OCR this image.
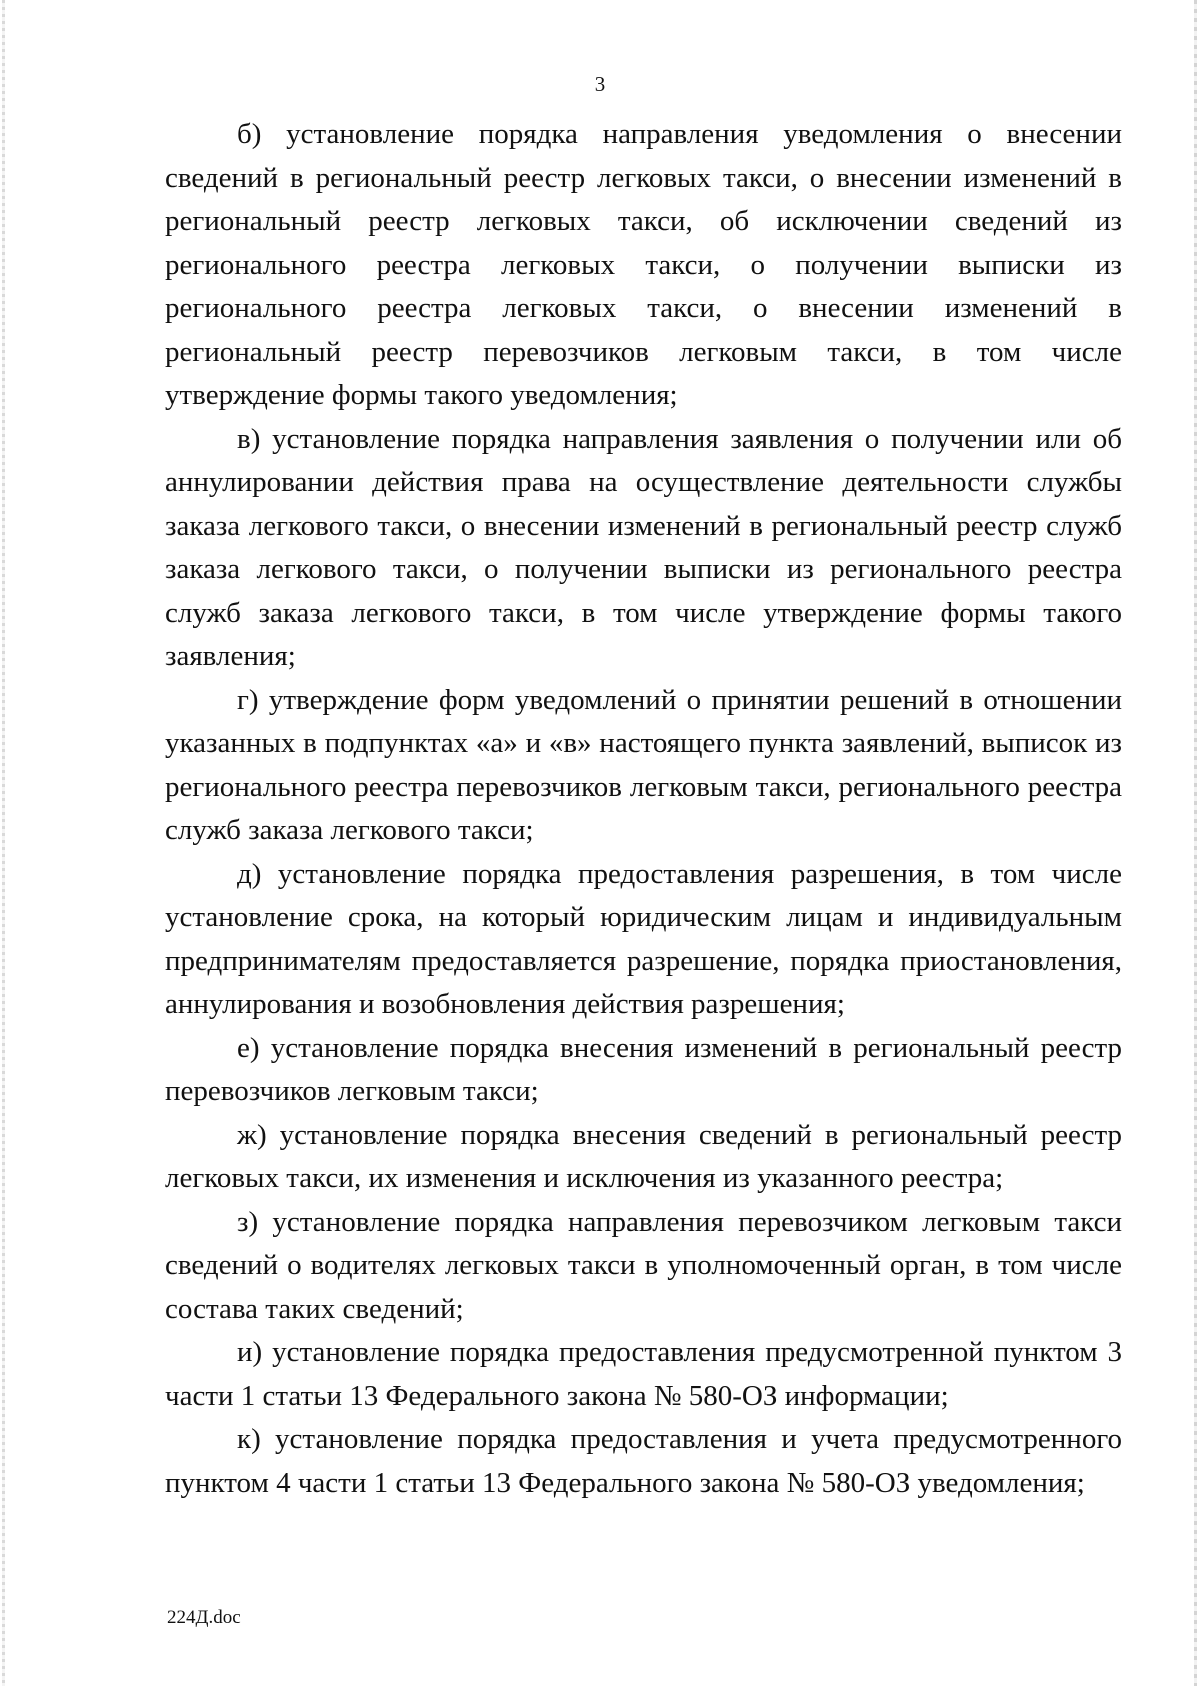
3

б) установление порядка направления уведомления о внесении сведений в региональный реестр легковых такси, о внесении изменений в региональный реестр легковых такси, об исключении сведений из регионального реестра легковых такси, о получении выписки из регионального реестра легковых такси, о внесении изменений в региональный реестр перевозчиков легковым такси, в том числе утверждение формы такого уведомления;

в) установление порядка направления заявления о получении или об аннулировании действия права на осуществление деятельности службы заказа легкового такси, о внесении изменений в региональный реестр служб заказа легкового такси, о получении выписки из регионального реестра служб заказа легкового такси, в том числе утверждение формы такого заявления;

г) утверждение форм уведомлений о принятии решений в отношении указанных в подпунктах «а» и «в» настоящего пункта заявлений, выписок из регионального реестра перевозчиков легковым такси, регионального реестра служб заказа легкового такси;

д) установление порядка предоставления разрешения, в том числе установление срока, на который юридическим лицам и индивидуальным предпринимателям предоставляется разрешение, порядка приостановления, аннулирования и возобновления действия разрешения;

е) установление порядка внесения изменений в региональный реестр перевозчиков легковым такси;

ж) установление порядка внесения сведений в региональный реестр легковых такси, их изменения и исключения из указанного реестра;

з) установление порядка направления перевозчиком легковым такси сведений о водителях легковых такси в уполномоченный орган, в том числе состава таких сведений;

и) установление порядка предоставления предусмотренной пунктом 3 части 1 статьи 13 Федерального закона № 580-ОЗ информации;

к) установление порядка предоставления и учета предусмотренного пунктом 4 части 1 статьи 13 Федерального закона № 580-ОЗ уведомления;

224Д.doc
